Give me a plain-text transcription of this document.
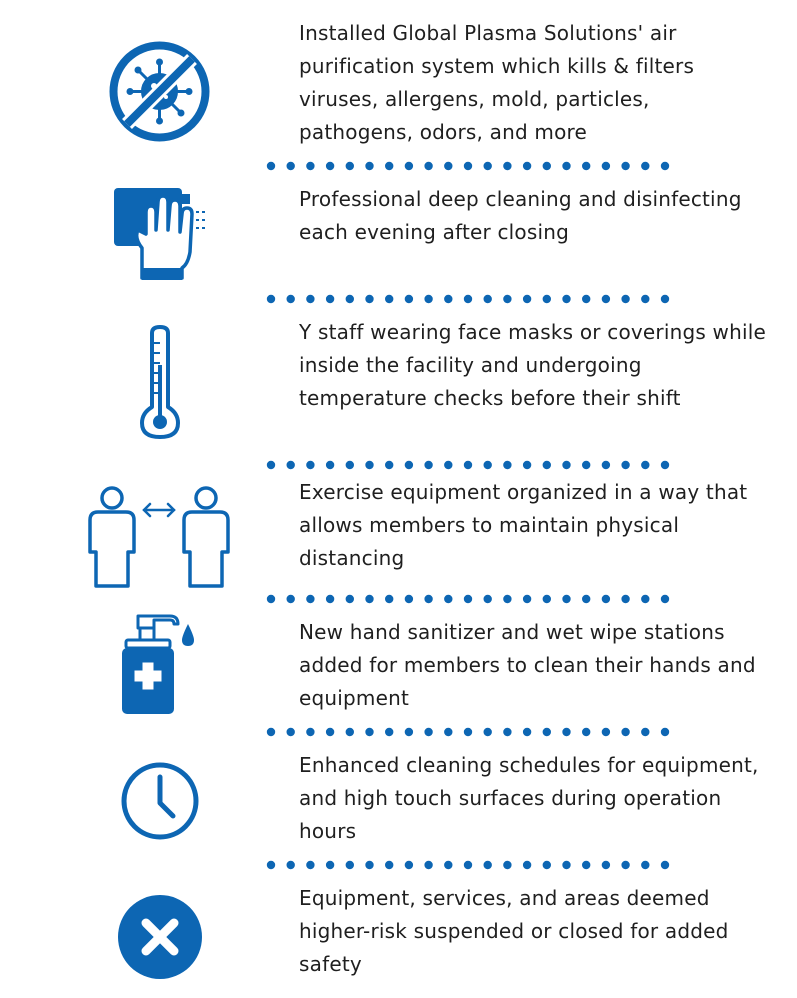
Installed Global Plasma Solutions' air purification system which kills & filters viruses, allergens, mold, particles, pathogens, odors, and more

Professional deep cleaning and disinfecting each evening after closing

Y staff wearing face masks or coverings while inside the facility and undergoing temperature checks before their shift

Exercise equipment organized in a way that allows members to maintain physical distancing

New hand sanitizer and wet wipe stations added for members to clean their hands and equipment

Enhanced cleaning schedules for equipment, and high touch surfaces during operation hours

Equipment, services, and areas deemed higher-risk suspended or closed for added safety
